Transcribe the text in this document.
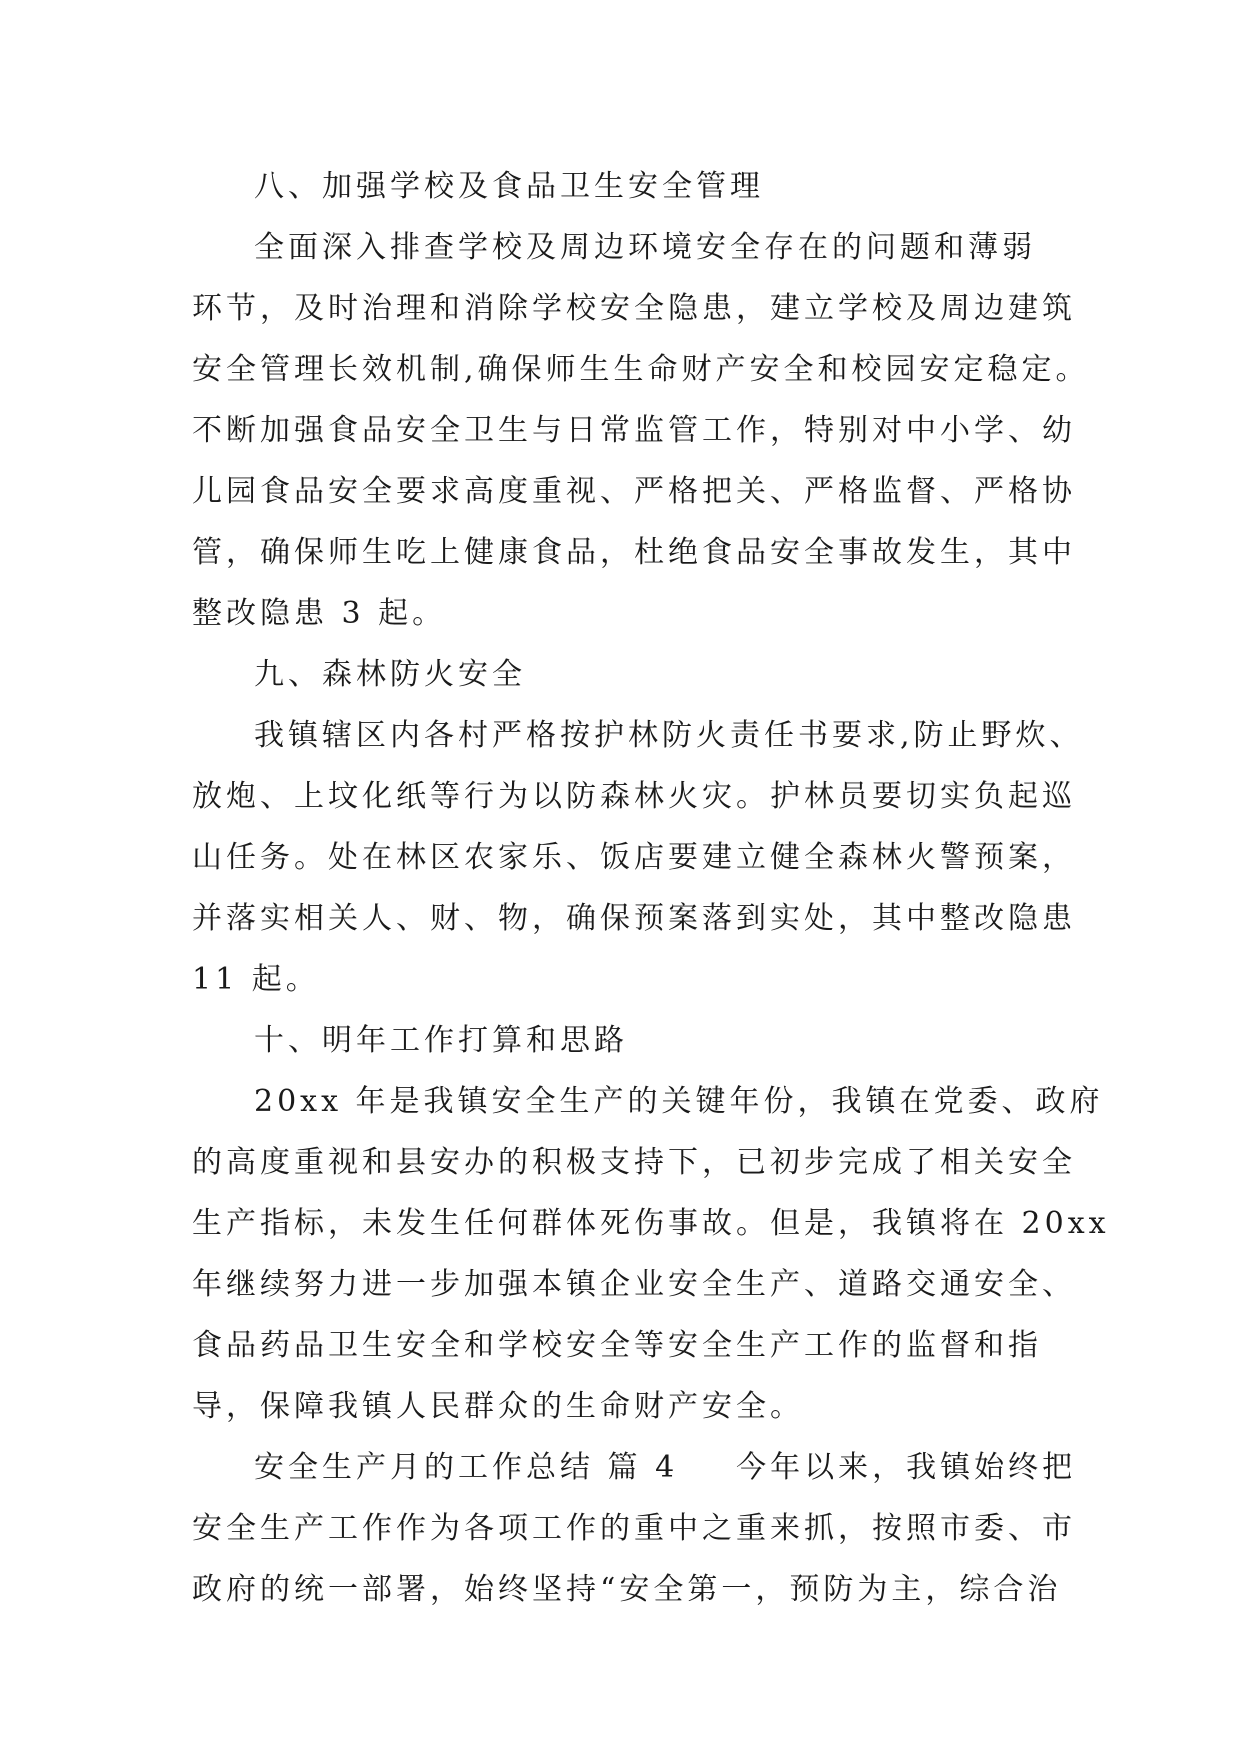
八、加强学校及食品卫生安全管理
全面深入排查学校及周边环境安全存在的问题和薄弱
环节，及时治理和消除学校安全隐患，建立学校及周边建筑
安全管理长效机制,确保师生生命财产安全和校园安定稳定。
不断加强食品安全卫生与日常监管工作，特别对中小学、幼
儿园食品安全要求高度重视、严格把关、严格监督、严格协
管，确保师生吃上健康食品，杜绝食品安全事故发生，其中
整改隐患 3 起。
九、森林防火安全
我镇辖区内各村严格按护林防火责任书要求,防止野炊、
放炮、上坟化纸等行为以防森林火灾。护林员要切实负起巡
山任务。处在林区农家乐、饭店要建立健全森林火警预案，
并落实相关人、财、物，确保预案落到实处，其中整改隐患
11 起。
十、明年工作打算和思路
20xx 年是我镇安全生产的关键年份，我镇在党委、政府
的高度重视和县安办的积极支持下，已初步完成了相关安全
生产指标，未发生任何群体死伤事故。但是，我镇将在 20xx
年继续努力进一步加强本镇企业安全生产、道路交通安全、
食品药品卫生安全和学校安全等安全生产工作的监督和指
导，保障我镇人民群众的生命财产安全。
安全生产月的工作总结 篇 4 今年以来，我镇始终把
安全生产工作作为各项工作的重中之重来抓，按照市委、市
政府的统一部署，始终坚持“安全第一，预防为主，综合治
